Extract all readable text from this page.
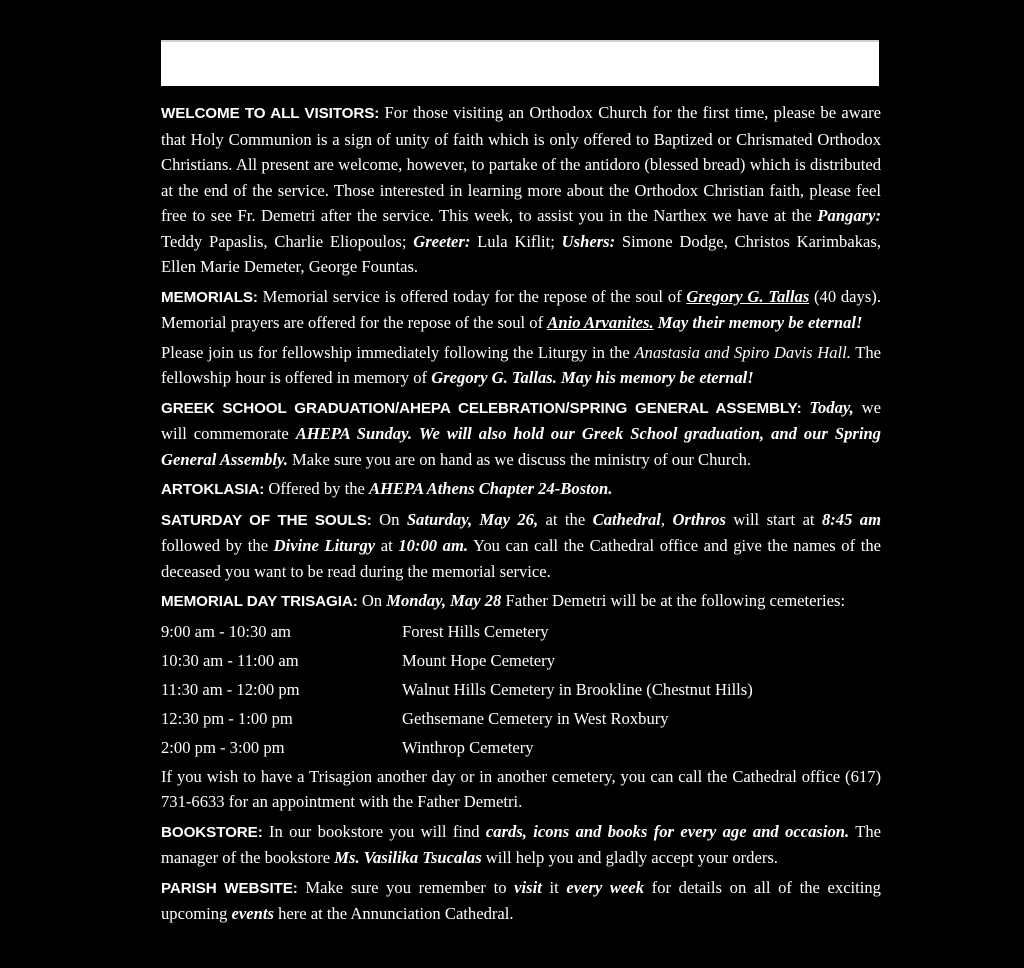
WELCOME TO ALL VISITORS: For those visiting an Orthodox Church for the first time, please be aware that Holy Communion is a sign of unity of faith which is only offered to Baptized or Chrismated Orthodox Christians. All present are welcome, however, to partake of the antidoro (blessed bread) which is distributed at the end of the service. Those interested in learning more about the Orthodox Christian faith, please feel free to see Fr. Demetri after the service. This week, to assist you in the Narthex we have at the Pangary: Teddy Papaslis, Charlie Eliopoulos; Greeter: Lula Kiflit; Ushers: Simone Dodge, Christos Karimbakas, Ellen Marie Demeter, George Fountas.

MEMORIALS: Memorial service is offered today for the repose of the soul of Gregory G. Tallas (40 days). Memorial prayers are offered for the repose of the soul of Anio Arvanites. May their memory be eternal!

Please join us for fellowship immediately following the Liturgy in the Anastasia and Spiro Davis Hall. The fellowship hour is offered in memory of Gregory G. Tallas. May his memory be eternal!

GREEK SCHOOL GRADUATION/AHEPA CELEBRATION/SPRING GENERAL ASSEMBLY: Today, we will commemorate AHEPA Sunday. We will also hold our Greek School graduation, and our Spring General Assembly. Make sure you are on hand as we discuss the ministry of our Church.

ARTOKLASIA: Offered by the AHEPA Athens Chapter 24-Boston.

SATURDAY OF THE SOULS: On Saturday, May 26, at the Cathedral, Orthros will start at 8:45 am followed by the Divine Liturgy at 10:00 am. You can call the Cathedral office and give the names of the deceased you want to be read during the memorial service.

MEMORIAL DAY TRISAGIA: On Monday, May 28 Father Demetri will be at the following cemeteries:

9:00 am - 10:30 am	Forest Hills Cemetery
10:30 am - 11:00 am	Mount Hope Cemetery
11:30 am - 12:00 pm	Walnut Hills Cemetery in Brookline (Chestnut Hills)
12:30 pm - 1:00 pm	Gethsemane Cemetery in West Roxbury
2:00 pm - 3:00 pm	Winthrop Cemetery

If you wish to have a Trisagion another day or in another cemetery, you can call the Cathedral office (617) 731-6633 for an appointment with the Father Demetri.

BOOKSTORE: In our bookstore you will find cards, icons and books for every age and occasion. The manager of the bookstore Ms. Vasilika Tsucalas will help you and gladly accept your orders.

PARISH WEBSITE: Make sure you remember to visit it every week for details on all of the exciting upcoming events here at the Annunciation Cathedral.
